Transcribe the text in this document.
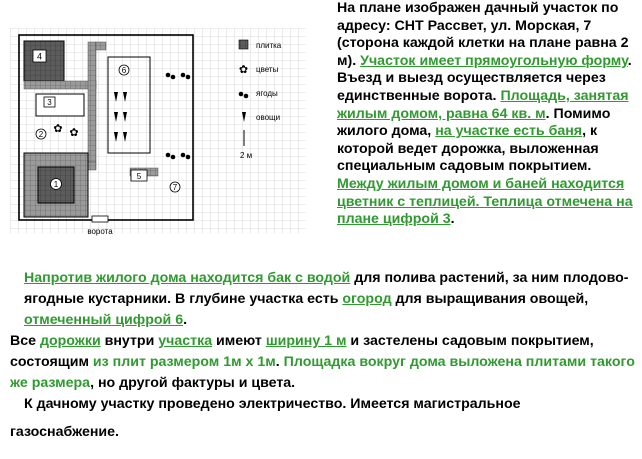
4
3
2 ✿ ✿
1
ворота
6
5
7
плитка
✿ цветы
ягоды
овощи
2 м
На плане изображен дачный участок по адресу: СНТ Рассвет, ул. Морская, 7 (сторона каждой клетки на плане равна 2 м). Участок имеет прямоугольную форму. Въезд и выезд осуществляется через единственные ворота. Площадь, занятая жилым домом, равна 64 кв. м. Помимо жилого дома, на участке есть баня, к которой ведет дорожка, выложенная специальным садовым покрытием. Между жилым домом и баней находится цветник с теплицей. Теплица отмечена на плане цифрой 3.

Напротив жилого дома находится бак с водой для полива растений, за ним плодово-ягодные кустарники. В глубине участка есть огород для выращивания овощей, отмеченный цифрой 6.

Все дорожки внутри участка имеют ширину 1 м и застелены садовым покрытием, состоящим из плит размером 1м х 1м. Площадка вокруг дома выложена плитами такого же размера, но другой фактуры и цвета.

К дачному участку проведено электричество. Имеется магистральное

газоснабжение.
